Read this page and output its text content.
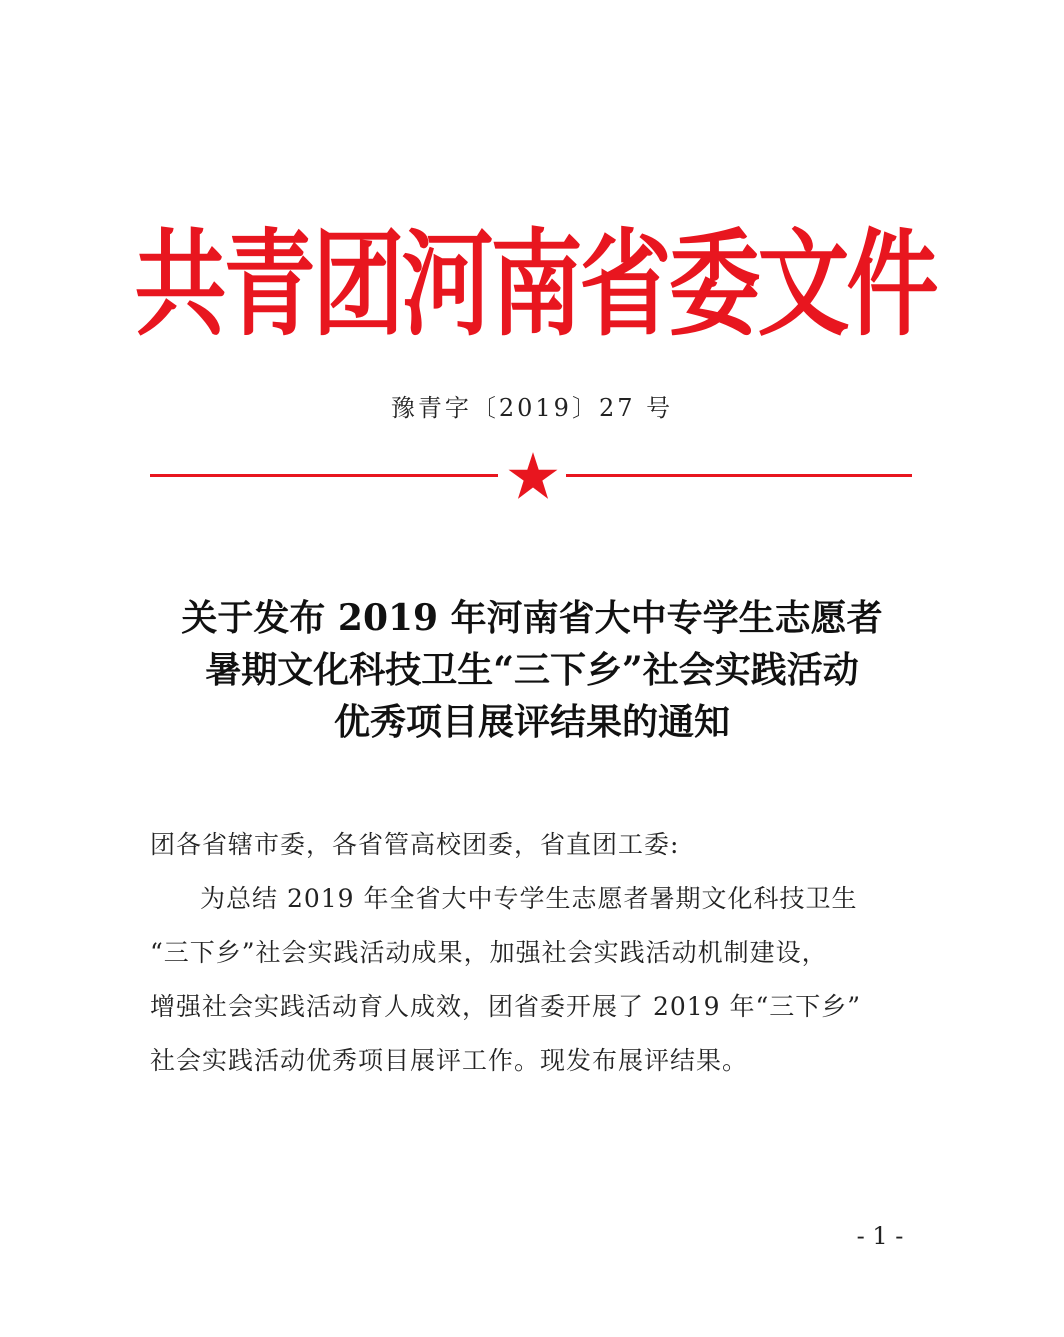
共青团河南省委文件
豫青字〔2019〕27 号
关于发布 2019 年河南省大中专学生志愿者
暑期文化科技卫生“三下乡”社会实践活动
优秀项目展评结果的通知
团各省辖市委，各省管高校团委，省直团工委:
为总结 2019 年全省大中专学生志愿者暑期文化科技卫生
“三下乡”社会实践活动成果，加强社会实践活动机制建设，
增强社会实践活动育人成效，团省委开展了 2019 年“三下乡”
社会实践活动优秀项目展评工作。现发布展评结果。
- 1 -
